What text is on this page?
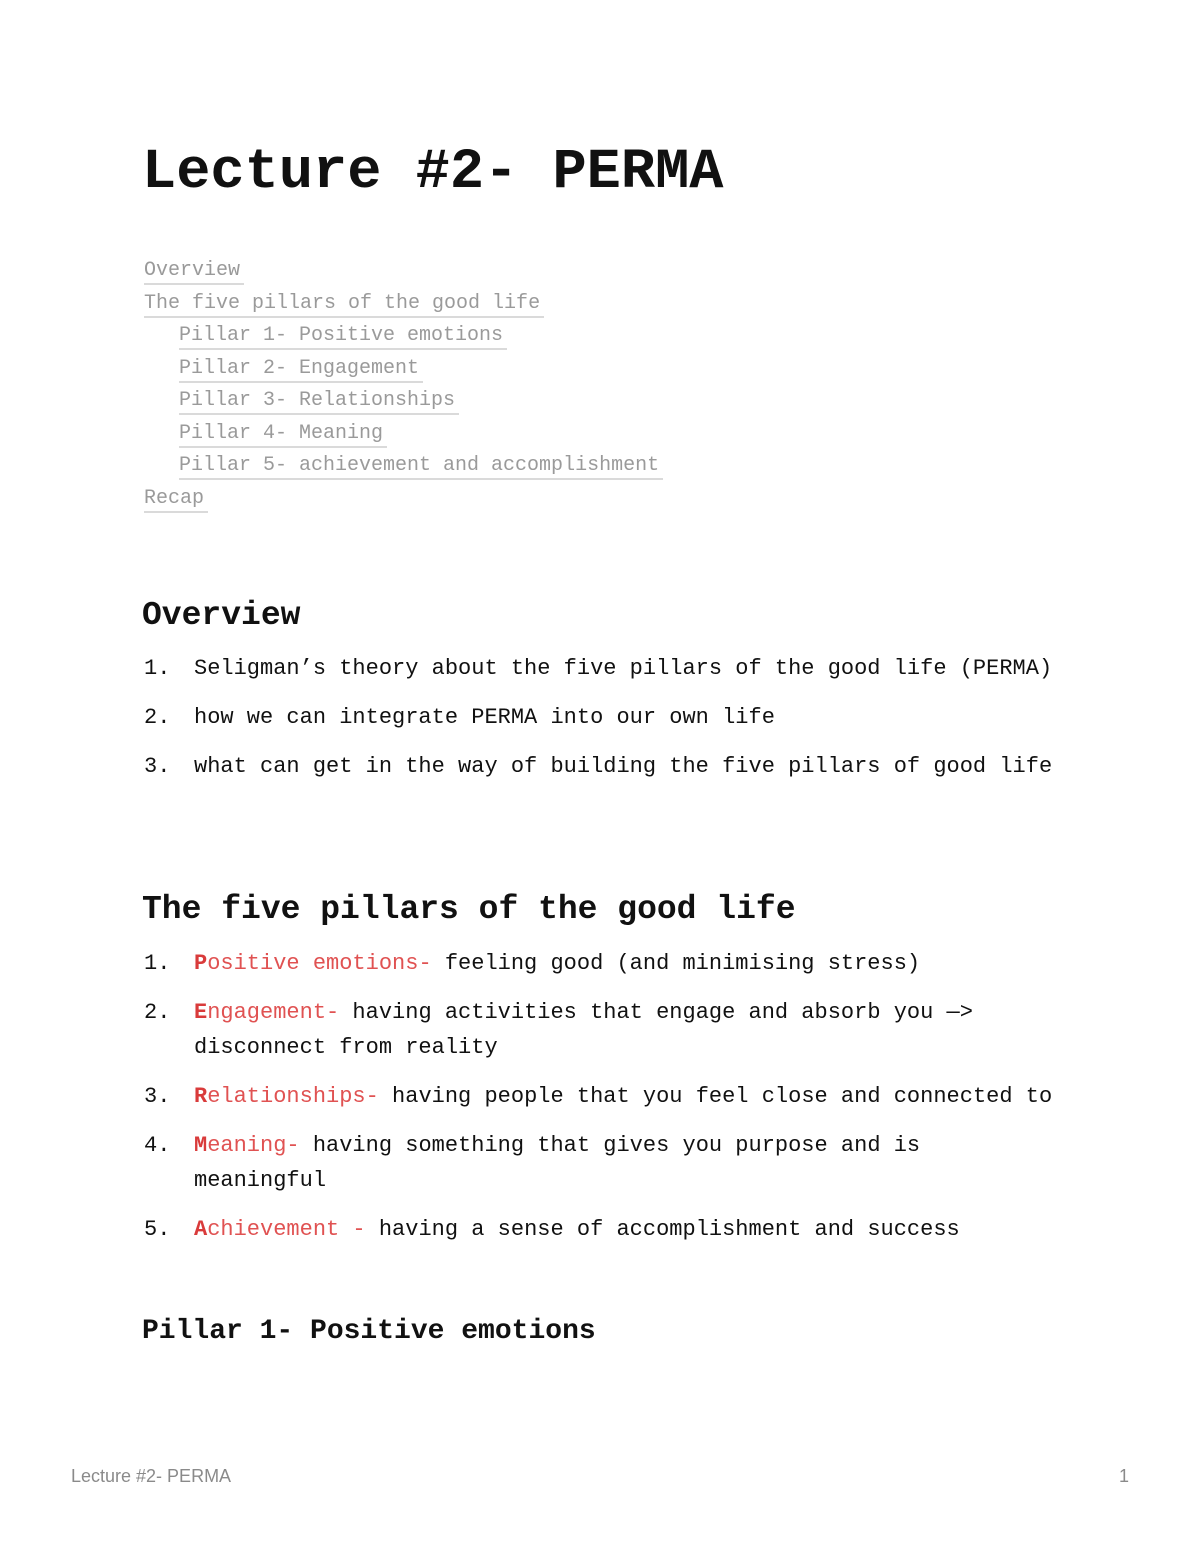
Lecture #2- PERMA
Overview
The five pillars of the good life
Pillar 1- Positive emotions
Pillar 2- Engagement
Pillar 3- Relationships
Pillar 4- Meaning
Pillar 5- achievement and accomplishment
Recap
Overview
1. Seligman’s theory about the five pillars of the good life (PERMA)
2. how we can integrate PERMA into our own life
3. what can get in the way of building the five pillars of good life
The five pillars of the good life
1. Positive emotions- feeling good (and minimising stress)
2. Engagement- having activities that engage and absorb you —> disconnect from reality
3. Relationships- having people that you feel close and connected to
4. Meaning- having something that gives you purpose and is meaningful
5. Achievement - having a sense of accomplishment and success
Pillar 1- Positive emotions
Lecture #2- PERMA	1
